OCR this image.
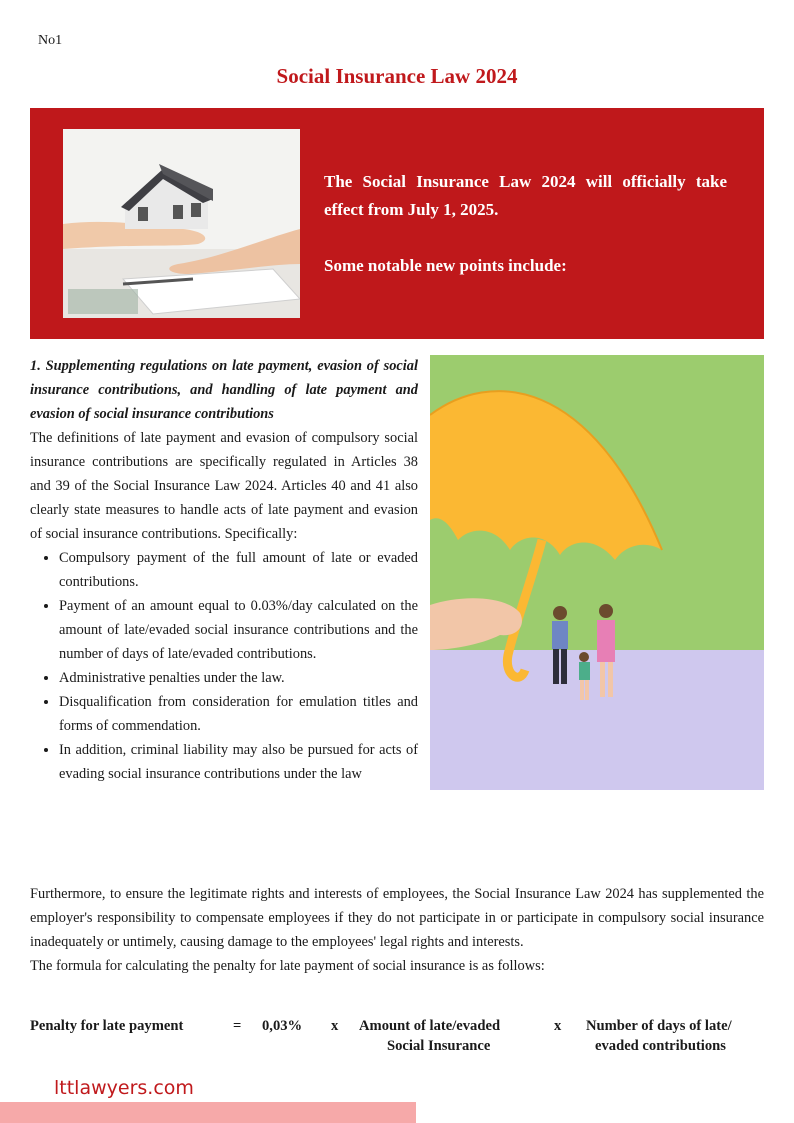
No1
Social Insurance Law 2024

The Social Insurance Law 2024 will officially take effect from July 1, 2025.

Some notable new points include:

1. Supplementing regulations on late payment, evasion of social insurance contributions, and handling of late payment and evasion of social insurance contributions

The definitions of late payment and evasion of compulsory social insurance contributions are specifically regulated in Articles 38 and 39 of the Social Insurance Law 2024. Articles 40 and 41 also clearly state measures to handle acts of late payment and evasion of social insurance contributions. Specifically:

• Compulsory payment of the full amount of late or evaded contributions.
• Payment of an amount equal to 0.03%/day calculated on the amount of late/evaded social insurance contributions and the number of days of late/evaded contributions.
• Administrative penalties under the law.
• Disqualification from consideration for emulation titles and forms of commendation.
• In addition, criminal liability may also be pursued for acts of evading social insurance contributions under the law

Furthermore, to ensure the legitimate rights and interests of employees, the Social Insurance Law 2024 has supplemented the employer's responsibility to compensate employees if they do not participate in or participate in compulsory social insurance inadequately or untimely, causing damage to the employees' legal rights and interests.

The formula for calculating the penalty for late payment of social insurance is as follows:

Penalty for late payment	= 0,03% x Amount of late/evaded
Social Insurance
x Number of days of late/
evaded contributions
lttlawyers.com
